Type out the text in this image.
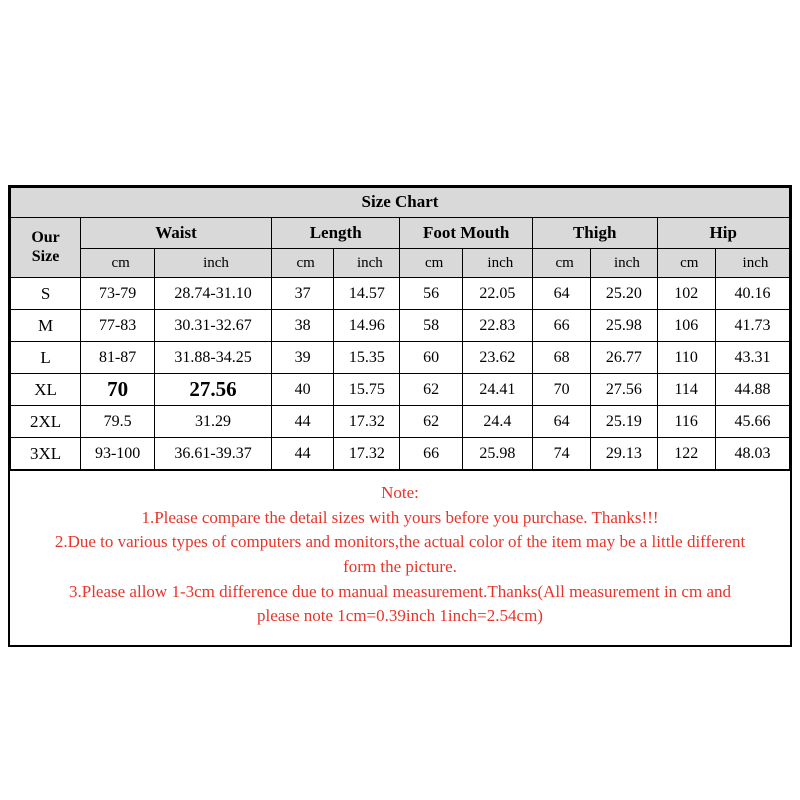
Size Chart										

Our
Size	Waist		Length		Foot Mouth		Thigh		Hip	
	cm	inch	cm	inch	cm	inch	cm	inch	cm	inch
S	73-79	28.74-31.10	37	14.57	56	22.05	64	25.20	102	40.16
M	77-83	30.31-32.67	38	14.96	58	22.83	66	25.98	106	41.73
L	81-87	31.88-34.25	39	15.35	60	23.62	68	26.77	110	43.31
XL	70	27.56	40	15.75	62	24.41	70	27.56	114	44.88
2XL	79.5	31.29	44	17.32	62	24.4	64	25.19	116	45.66
3XL	93-100	36.61-39.37	44	17.32	66	25.98	74	29.13	122	48.03
Note:
1.Please compare the detail sizes with yours before you purchase. Thanks!!!
2.Due to various types of computers and monitors,the actual color of the item may be a little different
form the picture.
3.Please allow 1-3cm difference due to manual measurement.Thanks(All measurement in cm and
please note 1cm=0.39inch 1inch=2.54cm)
